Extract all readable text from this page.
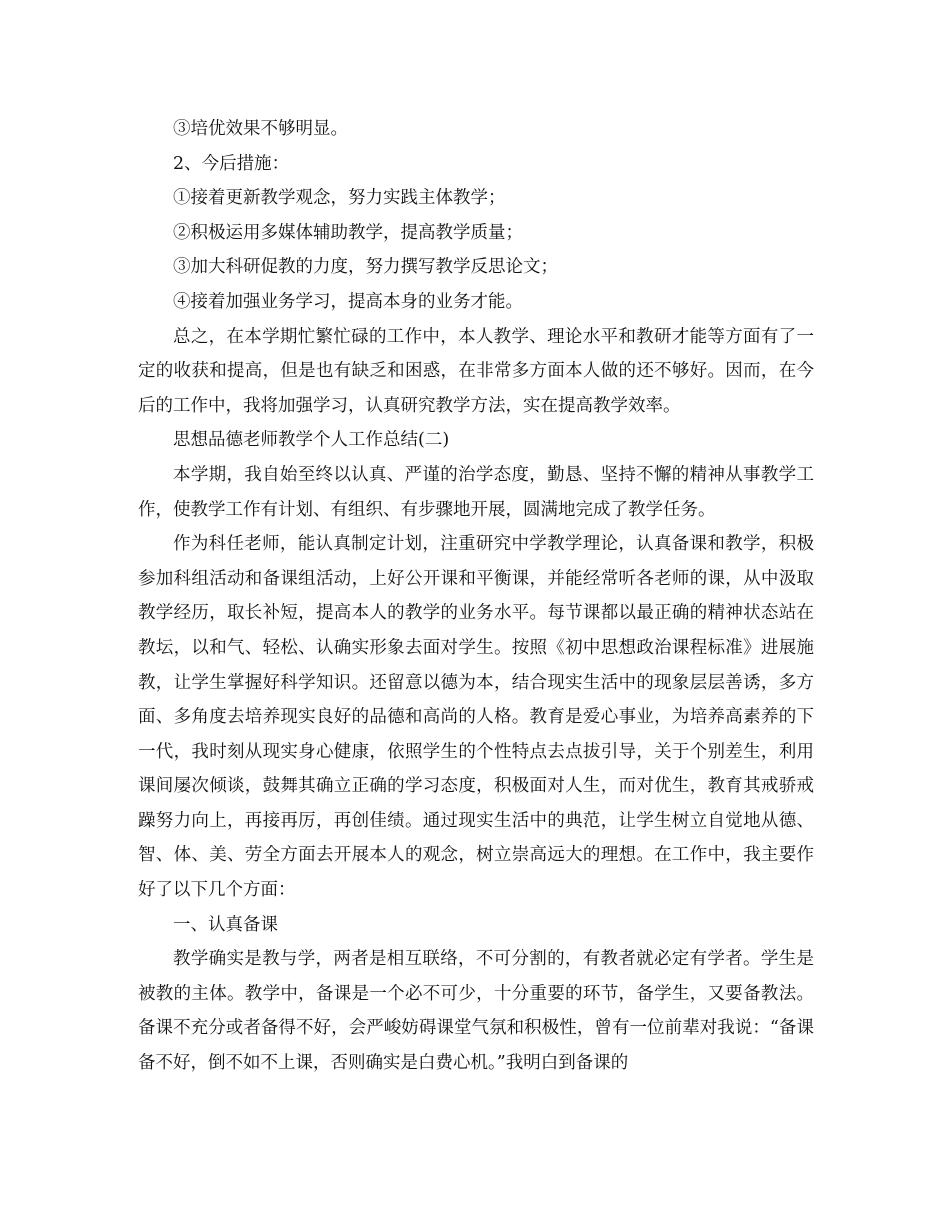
③培优效果不够明显。

2、今后措施：

①接着更新教学观念，努力实践主体教学；

②积极运用多媒体辅助教学，提高教学质量；

③加大科研促教的力度，努力撰写教学反思论文；

④接着加强业务学习，提高本身的业务才能。

总之，在本学期忙繁忙碌的工作中，本人教学、理论水平和教研才能等方面有了一定的收获和提高，但是也有缺乏和困惑，在非常多方面本人做的还不够好。因而，在今后的工作中，我将加强学习，认真研究教学方法，实在提高教学效率。

思想品德老师教学个人工作总结(二)

本学期，我自始至终以认真、严谨的治学态度，勤恳、坚持不懈的精神从事教学工作，使教学工作有计划、有组织、有步骤地开展，圆满地完成了教学任务。

作为科任老师，能认真制定计划，注重研究中学教学理论，认真备课和教学，积极参加科组活动和备课组活动，上好公开课和平衡课，并能经常听各老师的课，从中汲取教学经历，取长补短，提高本人的教学的业务水平。每节课都以最正确的精神状态站在教坛，以和气、轻松、认确实形象去面对学生。按照《初中思想政治课程标准》进展施教，让学生掌握好科学知识。还留意以德为本，结合现实生活中的现象层层善诱，多方面、多角度去培养现实良好的品德和高尚的人格。教育是爱心事业，为培养高素养的下一代，我时刻从现实身心健康，依照学生的个性特点去点拔引导，关于个别差生，利用课间屡次倾谈，鼓舞其确立正确的学习态度，积极面对人生，而对优生，教育其戒骄戒躁努力向上，再接再厉，再创佳绩。通过现实生活中的典范，让学生树立自觉地从德、智、体、美、劳全方面去开展本人的观念，树立崇高远大的理想。在工作中，我主要作好了以下几个方面：

一、认真备课

教学确实是教与学，两者是相互联络，不可分割的，有教者就必定有学者。学生是被教的主体。教学中，备课是一个必不可少，十分重要的环节，备学生，又要备教法。备课不充分或者备得不好，会严峻妨碍课堂气氛和积极性，曾有一位前辈对我说：“备课备不好，倒不如不上课，否则确实是白费心机。”我明白到备课的
